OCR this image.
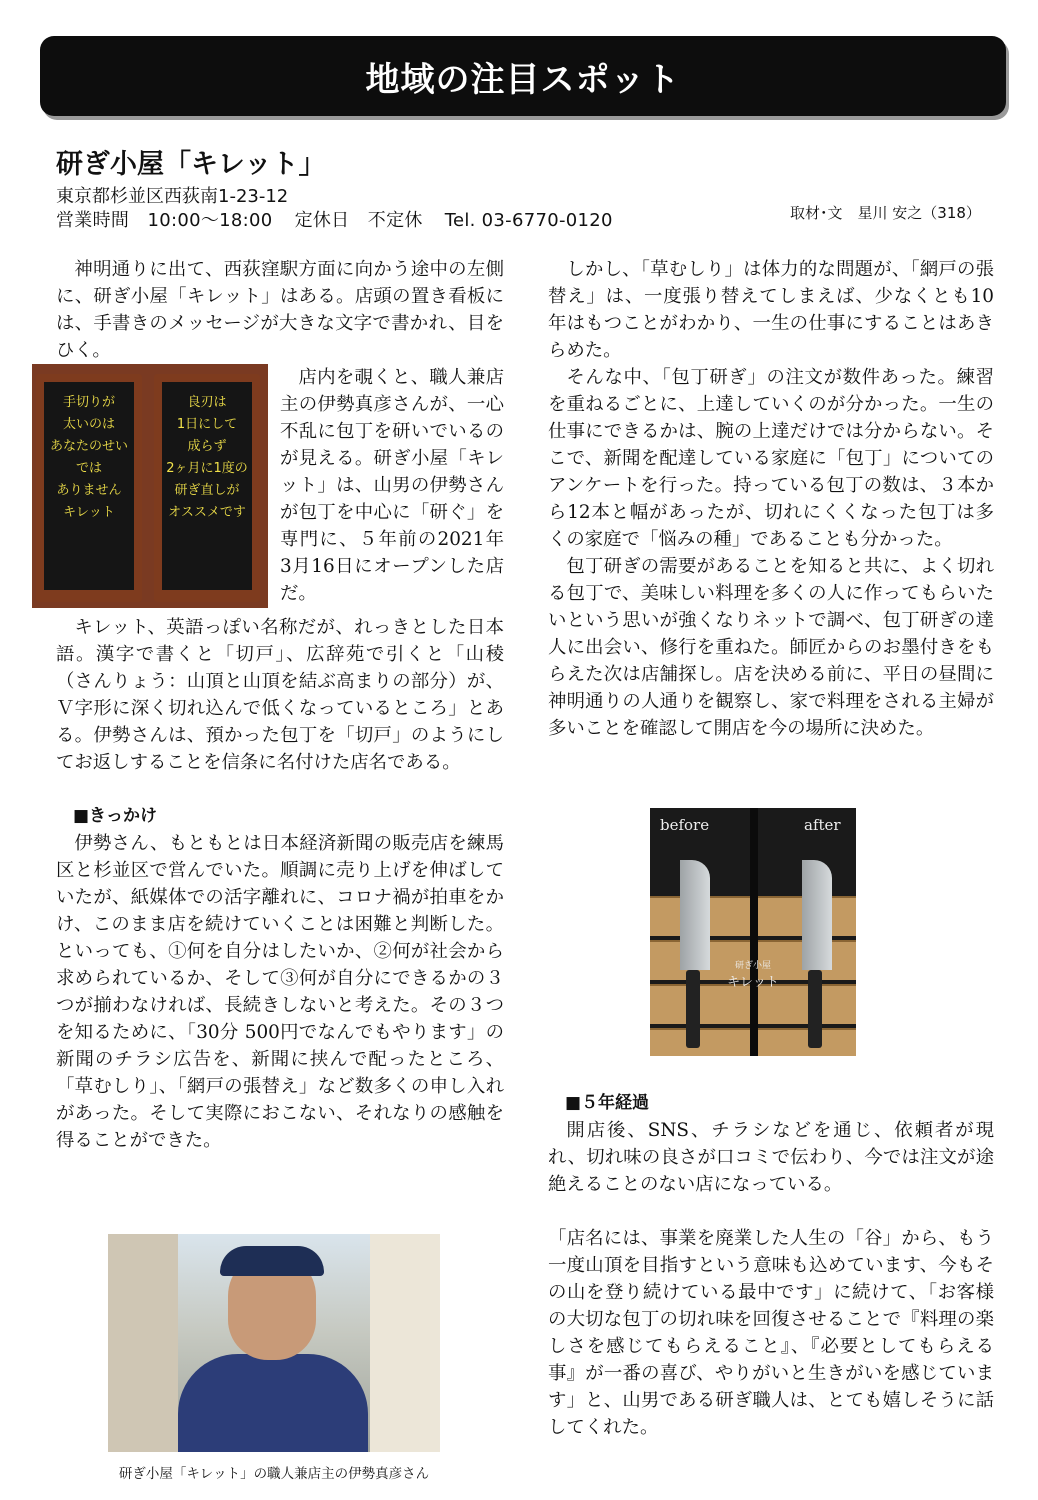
地域の注目スポット
研ぎ小屋「キレット」
東京都杉並区西荻南1-23-12
営業時間　10:00～18:00 定休日　不定休 Tel. 03-6770-0120	取材･文　星川 安之（318）

神明通りに出て、西荻窪駅方面に向かう途中の左側に、研ぎ小屋「キレット」はある。店頭の置き看板には、手書きのメッセージが大きな文字で書かれ、目をひく。

手切りが
太いのは
あなたのせい
では
ありません
キレット
良刃は
1日にして
成らず
2ヶ月に1度の
研ぎ直しが
オススメです

店内を覗くと、職人兼店主の伊勢真彦さんが、一心不乱に包丁を研いでいるのが見える。研ぎ小屋「キレット」は、山男の伊勢さんが包丁を中心に「研ぐ」を専門に、５年前の2021年3月16日にオープンした店だ。

キレット、英語っぽい名称だが、れっきとした日本語。漢字で書くと「切戸」、広辞苑で引くと「山稜（さんりょう：山頂と山頂を結ぶ高まりの部分）が、Ｖ字形に深く切れ込んで低くなっているところ」とある。伊勢さんは、預かった包丁を「切戸」のようにしてお返しすることを信条に名付けた店名である。

■きっかけ

伊勢さん、もともとは日本経済新聞の販売店を練馬区と杉並区で営んでいた。順調に売り上げを伸ばしていたが、紙媒体での活字離れに、コロナ禍が拍車をかけ、このまま店を続けていくことは困難と判断した。といっても、①何を自分はしたいか、②何が社会から求められているか、そして③何が自分にできるかの３つが揃わなければ、長続きしないと考えた。その３つを知るために、「30分 500円でなんでもやります」の新聞のチラシ広告を、新聞に挟んで配ったところ、「草むしり」、「網戸の張替え」など数多くの申し入れがあった。そして実際におこない、それなりの感触を得ることができた。

研ぎ小屋「キレット」の職人兼店主の伊勢真彦さん

しかし、「草むしり」は体力的な問題が、「網戸の張替え」は、一度張り替えてしまえば、少なくとも10年はもつことがわかり、一生の仕事にすることはあきらめた。

そんな中、「包丁研ぎ」の注文が数件あった。練習を重ねるごとに、上達していくのが分かった。一生の仕事にできるかは、腕の上達だけでは分からない。そこで、新聞を配達している家庭に「包丁」についてのアンケートを行った。持っている包丁の数は、３本から12本と幅があったが、切れにくくなった包丁は多くの家庭で「悩みの種」であることも分かった。

包丁研ぎの需要があることを知ると共に、よく切れる包丁で、美味しい料理を多くの人に作ってもらいたいという思いが強くなりネットで調べ、包丁研ぎの達人に出会い、修行を重ねた。師匠からのお墨付きをもらえた次は店舗探し。店を決める前に、平日の昼間に神明通りの人通りを観察し、家で料理をされる主婦が多いことを確認して開店を今の場所に決めた。

before	after
研ぎ小屋
キレット

■５年経過

開店後、SNS、チラシなどを通じ、依頼者が現れ、切れ味の良さが口コミで伝わり、今では注文が途絶えることのない店になっている。

「店名には、事業を廃業した人生の「谷」から、もう一度山頂を目指すという意味も込めています、今もその山を登り続けている最中です」に続けて、「お客様の大切な包丁の切れ味を回復させることで『料理の楽しさを感じてもらえること』、『必要としてもらえる事』が一番の喜び、やりがいと生きがいを感じています」と、山男である研ぎ職人は、とても嬉しそうに話してくれた。
